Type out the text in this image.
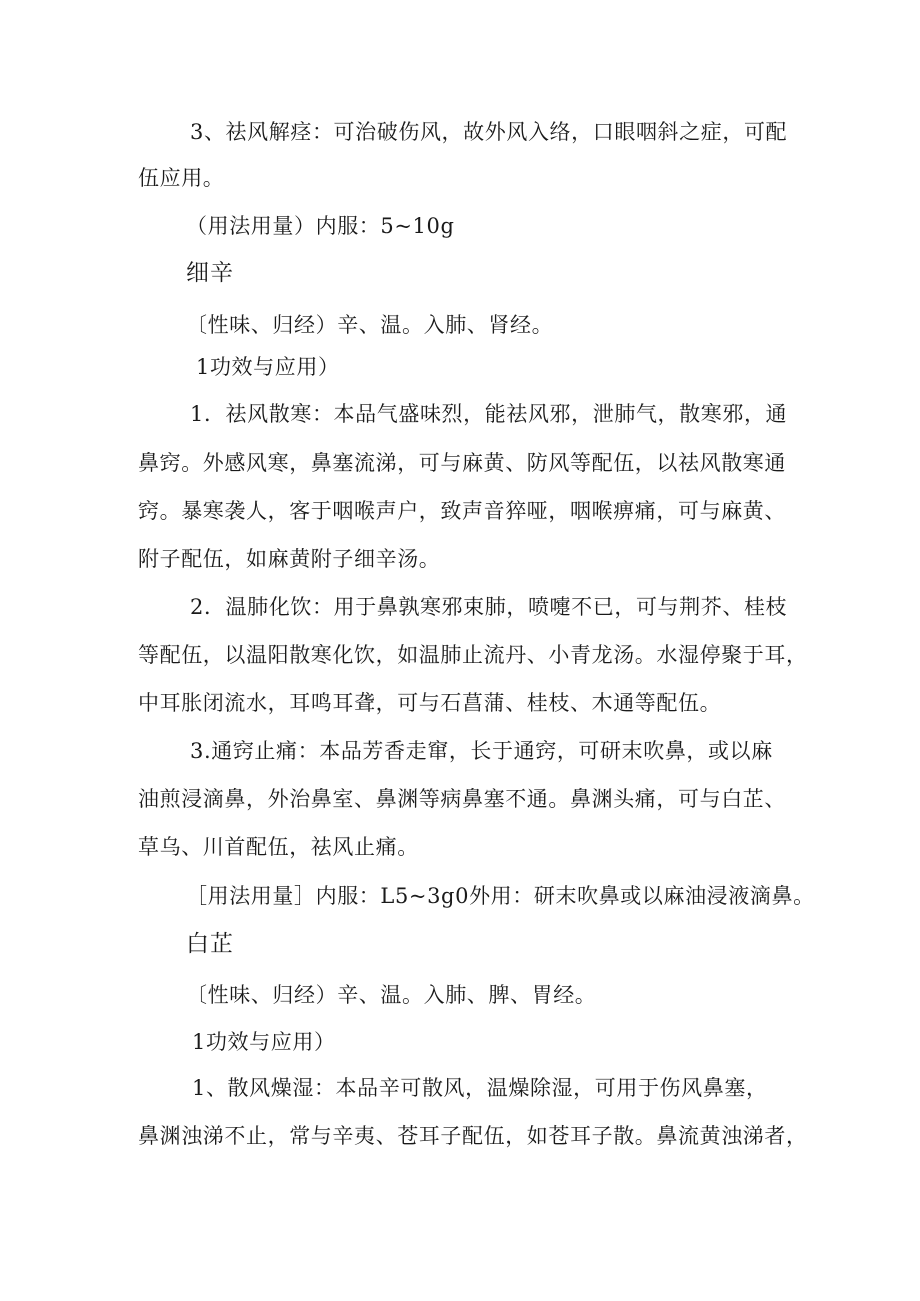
3、祛风解痉：可治破伤风，故外风入络，口眼咽斜之症，可配
伍应用。
（用法用量）内服：5~10g
细辛
〔性味、归经）辛、温。入肺、肾经。
1功效与应用）
1．祛风散寒：本品气盛味烈，能祛风邪，泄肺气，散寒邪，通
鼻窍。外感风寒，鼻塞流涕，可与麻黄、防风等配伍，以祛风散寒通
窍。暴寒袭人，客于咽喉声户，致声音猝哑，咽喉痹痛，可与麻黄、
附子配伍，如麻黄附子细辛汤。
2．温肺化饮：用于鼻孰寒邪束肺，喷嚏不已，可与荆芥、桂枝
等配伍，以温阳散寒化饮，如温肺止流丹、小青龙汤。水湿停聚于耳，
中耳胀闭流水，耳鸣耳聋，可与石菖蒲、桂枝、木通等配伍。
3.通窍止痛：本品芳香走窜，长于通窍，可研末吹鼻，或以麻
油煎浸滴鼻，外治鼻室、鼻渊等病鼻塞不通。鼻渊头痛，可与白芷、
草乌、川首配伍，祛风止痛。
［用法用量］内服：L5~3g0外用：研末吹鼻或以麻油浸液滴鼻。
白芷
〔性味、归经）辛、温。入肺、脾、胃经。
1功效与应用）
1、散风燥湿：本品辛可散风，温燥除湿，可用于伤风鼻塞，
鼻渊浊涕不止，常与辛夷、苍耳子配伍，如苍耳子散。鼻流黄浊涕者，
